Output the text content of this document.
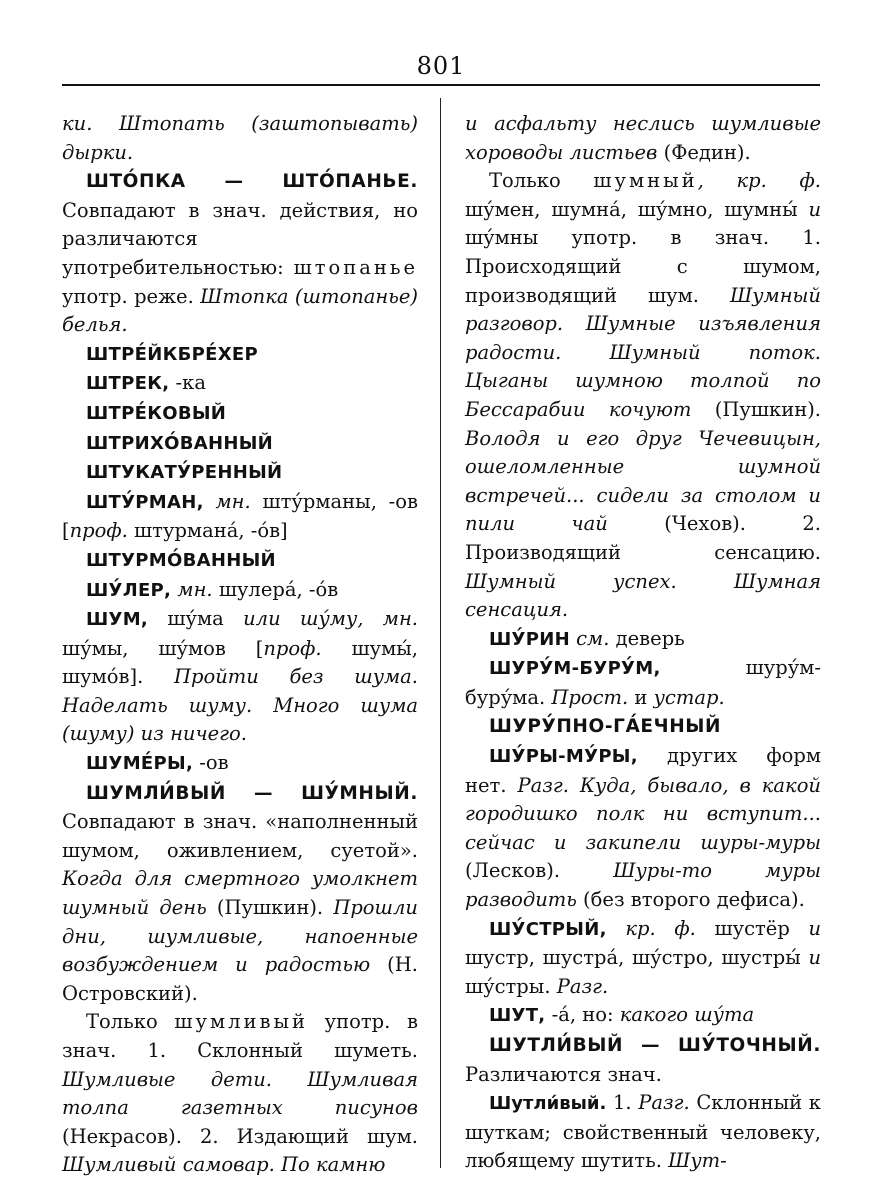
801

ки. Штопать (заштопывать) дырки.

ШТО́ПКА — ШТО́ПАНЬЕ. Совпадают в знач. действия, но различаются употребительностью: штопанье употр. реже. Штопка (штопанье) белья.

ШТРЕ́ЙКБРЕ́ХЕР

ШТРЕК, -ка

ШТРЕ́КОВЫЙ

ШТРИХО́ВАННЫЙ

ШТУКАТУ́РЕННЫЙ

ШТУ́РМАН, мн. шту́рманы, -ов [проф. штурмана́, -о́в]

ШТУРМО́ВАННЫЙ

ШУ́ЛЕР, мн. шулера́, -о́в

ШУМ, шу́ма или шу́му, мн. шу́мы, шу́мов [проф. шумы́, шумо́в]. Пройти без шума. Наделать шуму. Много шума (шуму) из ничего.

ШУМЕ́РЫ, -ов

ШУМЛИ́ВЫЙ — ШУ́МНЫЙ. Совпадают в знач. «наполненный шумом, оживлением, суетой». Когда для смертного умолкнет шумный день (Пушкин). Прошли дни, шумливые, напоенные возбуждением и радостью (Н. Островский).

Только шумливый употр. в знач. 1. Склонный шуметь. Шумливые дети. Шумливая толпа газетных писунов (Некрасов). 2. Издающий шум. Шумливый самовар. По камню

и асфальту неслись шумливые хороводы листьев (Федин).

Только шумный, кр. ф. шу́мен, шумна́, шу́мно, шумны́ и шу́мны употр. в знач. 1. Происходящий с шумом, производящий шум. Шумный разговор. Шумные изъявления радости. Шумный поток. Цыганы шумною толпой по Бессарабии кочуют (Пушкин). Володя и его друг Чечевицын, ошеломленные шумной встречей... сидели за столом и пили чай (Чехов). 2. Производящий сенсацию. Шумный успех. Шумная сенсация.

ШУ́РИН см. деверь

ШУРУ́М-БУРУ́М, шуру́м-буру́ма. Прост. и устар.

ШУРУ́ПНО-ГА́ЕЧНЫЙ

ШУ́РЫ-МУ́РЫ, других форм нет. Разг. Куда, бывало, в какой городишко полк ни вступит... сейчас и закипели шуры-муры (Лесков). Шуры-то муры разводить (без второго дефиса).

ШУ́СТРЫЙ, кр. ф. шустёр и шустр, шустра́, шу́стро, шустры́ и шу́стры. Разг.

ШУТ, -а́, но: какого шу́та

ШУТЛИ́ВЫЙ — ШУ́ТОЧНЫЙ. Различаются знач.

Шутли́вый. 1. Разг. Склонный к шуткам; свойственный человеку, любящему шутить. Шут-
